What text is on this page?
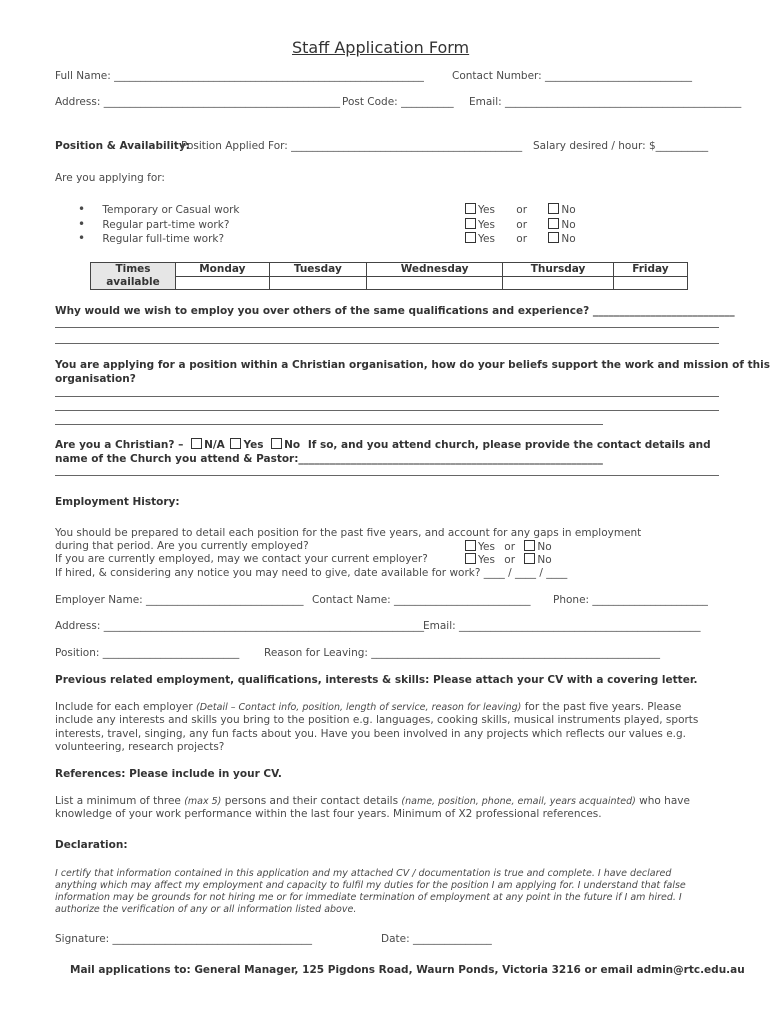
Staff Application Form
Full Name: ___________________________________________________________	Contact Number: ____________________________
Address: _____________________________________________ Post Code: __________ Email: _____________________________________________
Position & Availability:
Position Applied For: ____________________________________________ Salary desired / hour: $__________
Are you applying for:
• Temporary or Casual work	Yes or	No
• Regular part-time work?	Yes or	No
• Regular full-time work?	Yes or	No
Times available	Monday	Tuesday	Wednesday	Thursday	Friday

Why would we wish to employ you over others of the same qualifications and experience? ___________________________
You are applying for a position within a Christian organisation, how do your beliefs support the work and mission of this
organisation?
Are you a Christian? – N/A Yes No If so, and you attend church, please provide the contact details and
name of the Church you attend & Pastor:__________________________________________________________
Employment History:
You should be prepared to detail each position for the past five years, and account for any gaps in employment
during that period. Are you currently employed?	Yes or No
If you are currently employed, may we contact your current employer?	Yes or No
If hired, & considering any notice you may need to give, date available for work? ____ / ____ / ____
Employer Name: ______________________________ Contact Name: __________________________ Phone: ______________________
Address: _____________________________________________________________ Email: ______________________________________________
Position: __________________________ Reason for Leaving: _______________________________________________________
Previous related employment, qualifications, interests & skills: Please attach your CV with a covering letter.
Include for each employer (Detail – Contact info, position, length of service, reason for leaving) for the past five years. Please
include any interests and skills you bring to the position e.g. languages, cooking skills, musical instruments played, sports
interests, travel, singing, any fun facts about you. Have you been involved in any projects which reflects our values e.g.
volunteering, research projects?
References: Please include in your CV.
List a minimum of three (max 5) persons and their contact details (name, position, phone, email, years acquainted) who have
knowledge of your work performance within the last four years. Minimum of X2 professional references.
Declaration:
I certify that information contained in this application and my attached CV / documentation is true and complete. I have declared
anything which may affect my employment and capacity to fulfil my duties for the position I am applying for. I understand that false
information may be grounds for not hiring me or for immediate termination of employment at any point in the future if I am hired. I
authorize the verification of any or all information listed above.
Signature: ______________________________________	Date: _______________
Mail applications to: General Manager, 125 Pigdons Road, Waurn Ponds, Victoria 3216 or email admin@rtc.edu.au
